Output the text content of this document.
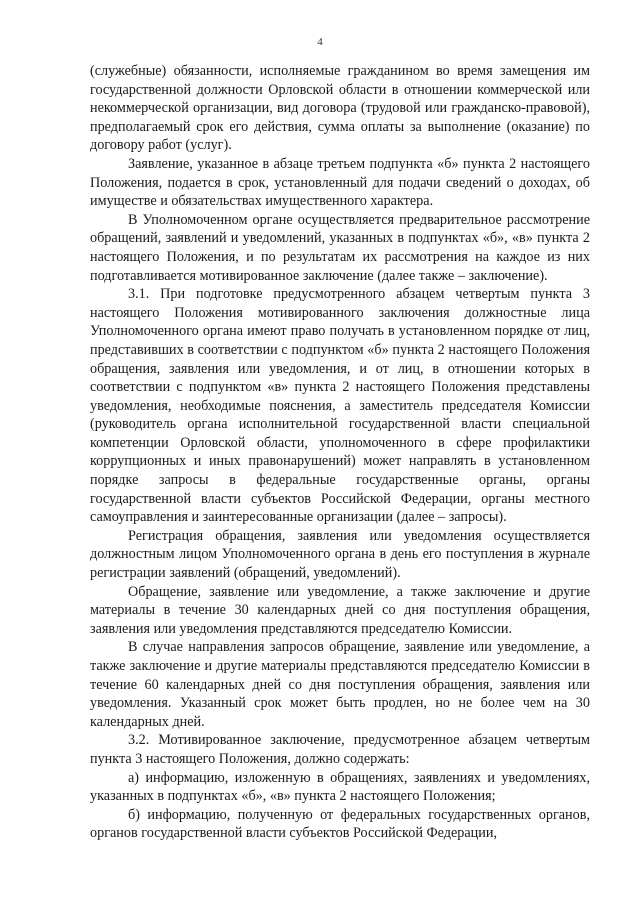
4

(служебные) обязанности, исполняемые гражданином во время замещения им государственной должности Орловской области в отношении коммерческой или некоммерческой организации, вид договора (трудовой или гражданско-правовой), предполагаемый срок его действия, сумма оплаты за выполнение (оказание) по договору работ (услуг).

Заявление, указанное в абзаце третьем подпункта «б» пункта 2 настоящего Положения, подается в срок, установленный для подачи сведений о доходах, об имуществе и обязательствах имущественного характера.

В Уполномоченном органе осуществляется предварительное рассмотрение обращений, заявлений и уведомлений, указанных в подпунктах «б», «в» пункта 2 настоящего Положения, и по результатам их рассмотрения на каждое из них подготавливается мотивированное заключение (далее также – заключение).

3.1. При подготовке предусмотренного абзацем четвертым пункта 3 настоящего Положения мотивированного заключения должностные лица Уполномоченного органа имеют право получать в установленном порядке от лиц, представивших в соответствии с подпунктом «б» пункта 2 настоящего Положения обращения, заявления или уведомления, и от лиц, в отношении которых в соответствии с подпунктом «в» пункта 2 настоящего Положения представлены уведомления, необходимые пояснения, а заместитель председателя Комиссии (руководитель органа исполнительной государственной власти специальной компетенции Орловской области, уполномоченного в сфере профилактики коррупционных и иных правонарушений) может направлять в установленном порядке запросы в федеральные государственные органы, органы государственной власти субъектов Российской Федерации, органы местного самоуправления и заинтересованные организации (далее – запросы).

Регистрация обращения, заявления или уведомления осуществляется должностным лицом Уполномоченного органа в день его поступления в журнале регистрации заявлений (обращений, уведомлений).

Обращение, заявление или уведомление, а также заключение и другие материалы в течение 30 календарных дней со дня поступления обращения, заявления или уведомления представляются председателю Комиссии.

В случае направления запросов обращение, заявление или уведомление, а также заключение и другие материалы представляются председателю Комиссии в течение 60 календарных дней со дня поступления обращения, заявления или уведомления. Указанный срок может быть продлен, но не более чем на 30 календарных дней.

3.2. Мотивированное заключение, предусмотренное абзацем четвертым пункта 3 настоящего Положения, должно содержать:

а) информацию, изложенную в обращениях, заявлениях и уведомлениях, указанных в подпунктах «б», «в» пункта 2 настоящего Положения;

б) информацию, полученную от федеральных государственных органов, органов государственной власти субъектов Российской Федерации,
